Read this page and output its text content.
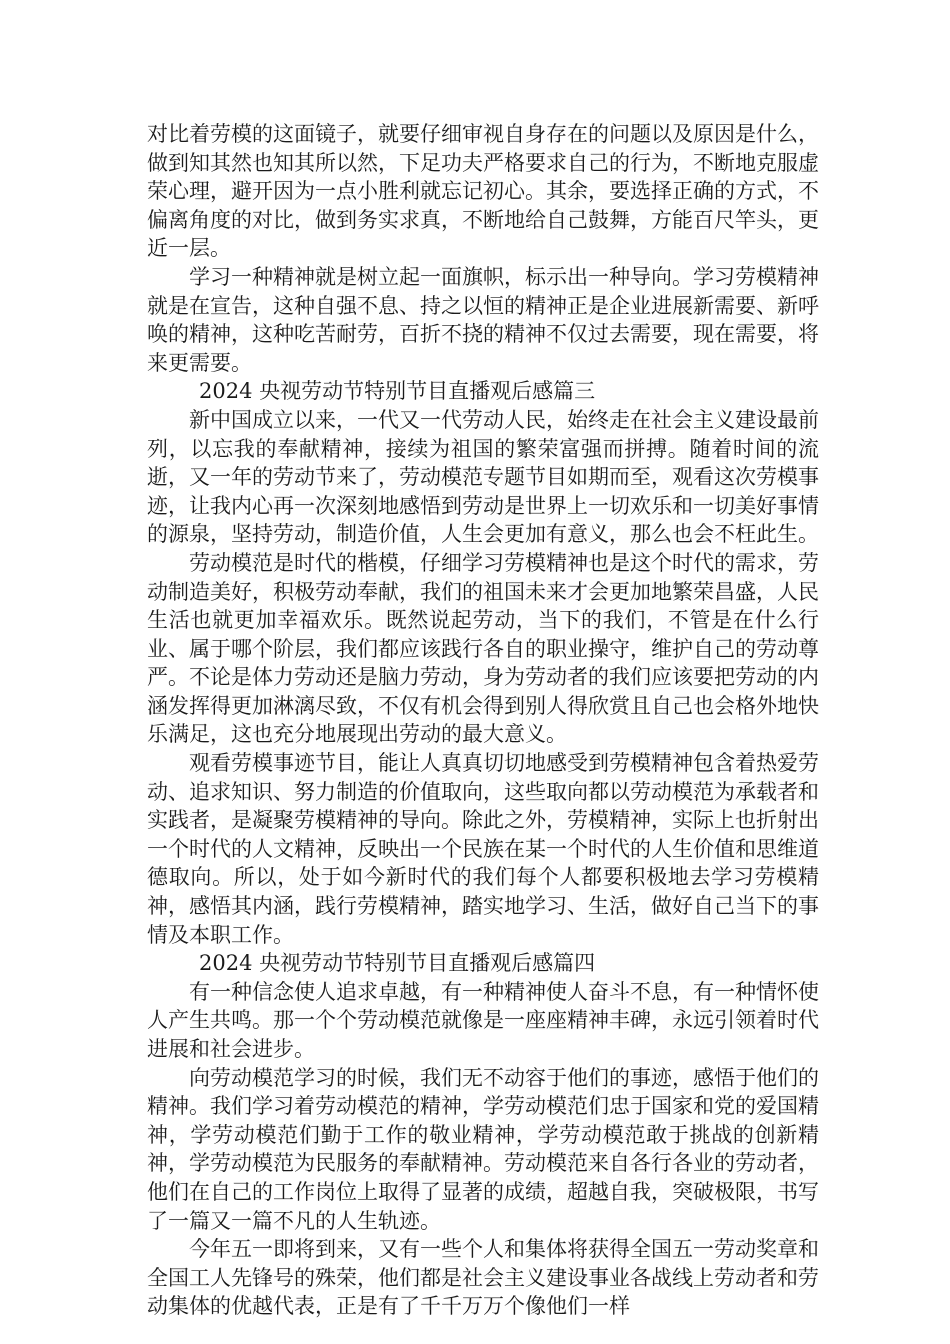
对比着劳模的这面镜子，就要仔细审视自身存在的问题以及原因是什么，做到知其然也知其所以然，下足功夫严格要求自己的行为，不断地克服虚荣心理，避开因为一点小胜利就忘记初心。其余，要选择正确的方式，不偏离角度的对比，做到务实求真，不断地给自己鼓舞，方能百尺竿头，更近一层。

学习一种精神就是树立起一面旗帜，标示出一种导向。学习劳模精神就是在宣告，这种自强不息、持之以恒的精神正是企业进展新需要、新呼唤的精神，这种吃苦耐劳，百折不挠的精神不仅过去需要，现在需要，将来更需要。

2024 央视劳动节特别节目直播观后感篇三

新中国成立以来，一代又一代劳动人民，始终走在社会主义建设最前列，以忘我的奉献精神，接续为祖国的繁荣富强而拼搏。随着时间的流逝，又一年的劳动节来了，劳动模范专题节目如期而至，观看这次劳模事迹，让我内心再一次深刻地感悟到劳动是世界上一切欢乐和一切美好事情的源泉，坚持劳动，制造价值，人生会更加有意义，那么也会不枉此生。

劳动模范是时代的楷模，仔细学习劳模精神也是这个时代的需求，劳动制造美好，积极劳动奉献，我们的祖国未来才会更加地繁荣昌盛，人民生活也就更加幸福欢乐。既然说起劳动，当下的我们，不管是在什么行业、属于哪个阶层，我们都应该践行各自的职业操守，维护自己的劳动尊严。不论是体力劳动还是脑力劳动，身为劳动者的我们应该要把劳动的内涵发挥得更加淋漓尽致，不仅有机会得到别人得欣赏且自己也会格外地快乐满足，这也充分地展现出劳动的最大意义。

观看劳模事迹节目，能让人真真切切地感受到劳模精神包含着热爱劳动、追求知识、努力制造的价值取向，这些取向都以劳动模范为承载者和实践者，是凝聚劳模精神的导向。除此之外，劳模精神，实际上也折射出一个时代的人文精神，反映出一个民族在某一个时代的人生价值和思维道德取向。所以，处于如今新时代的我们每个人都要积极地去学习劳模精神，感悟其内涵，践行劳模精神，踏实地学习、生活，做好自己当下的事情及本职工作。

2024 央视劳动节特别节目直播观后感篇四

有一种信念使人追求卓越，有一种精神使人奋斗不息，有一种情怀使人产生共鸣。那一个个劳动模范就像是一座座精神丰碑，永远引领着时代进展和社会进步。

向劳动模范学习的时候，我们无不动容于他们的事迹，感悟于他们的精神。我们学习着劳动模范的精神，学劳动模范们忠于国家和党的爱国精神，学劳动模范们勤于工作的敬业精神，学劳动模范敢于挑战的创新精神，学劳动模范为民服务的奉献精神。劳动模范来自各行各业的劳动者，他们在自己的工作岗位上取得了显著的成绩，超越自我，突破极限，书写了一篇又一篇不凡的人生轨迹。

今年五一即将到来，又有一些个人和集体将获得全国五一劳动奖章和全国工人先锋号的殊荣，他们都是社会主义建设事业各战线上劳动者和劳动集体的优越代表，正是有了千千万万个像他们一样
